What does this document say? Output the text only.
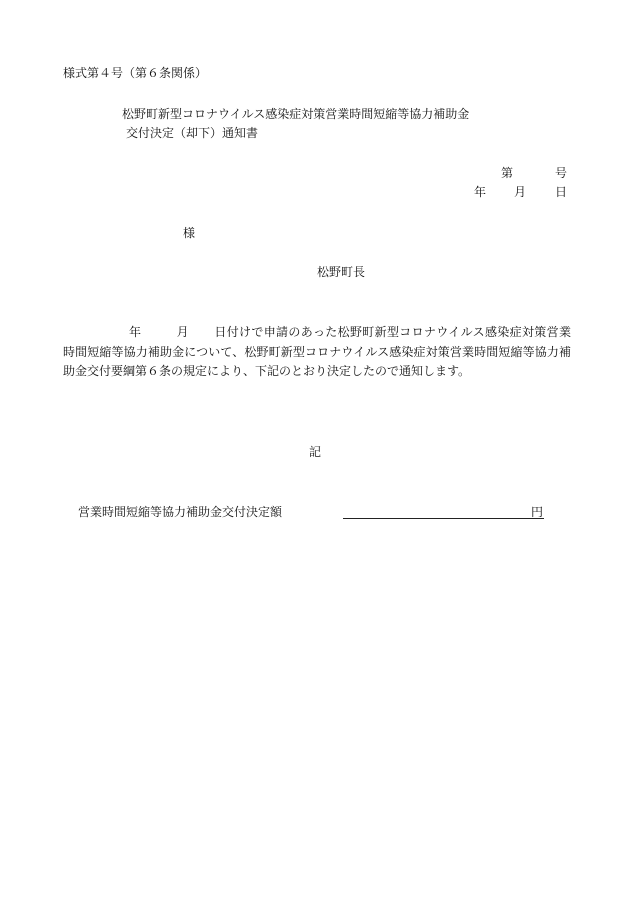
様式第４号（第６条関係）
松野町新型コロナウイルス感染症対策営業時間短縮等協力補助金
交付決定（却下）通知書
第	号
年 月 日
様
松野町長
年	月 日付けで申請のあった松野町新型コロナウイルス感染症対策営業時間短縮等協力補助金について、松野町新型コロナウイルス感染症対策営業時間短縮等協力補助金交付要綱第６条の規定により、下記のとおり決定したので通知します。
記
営業時間短縮等協力補助金交付決定額	円
